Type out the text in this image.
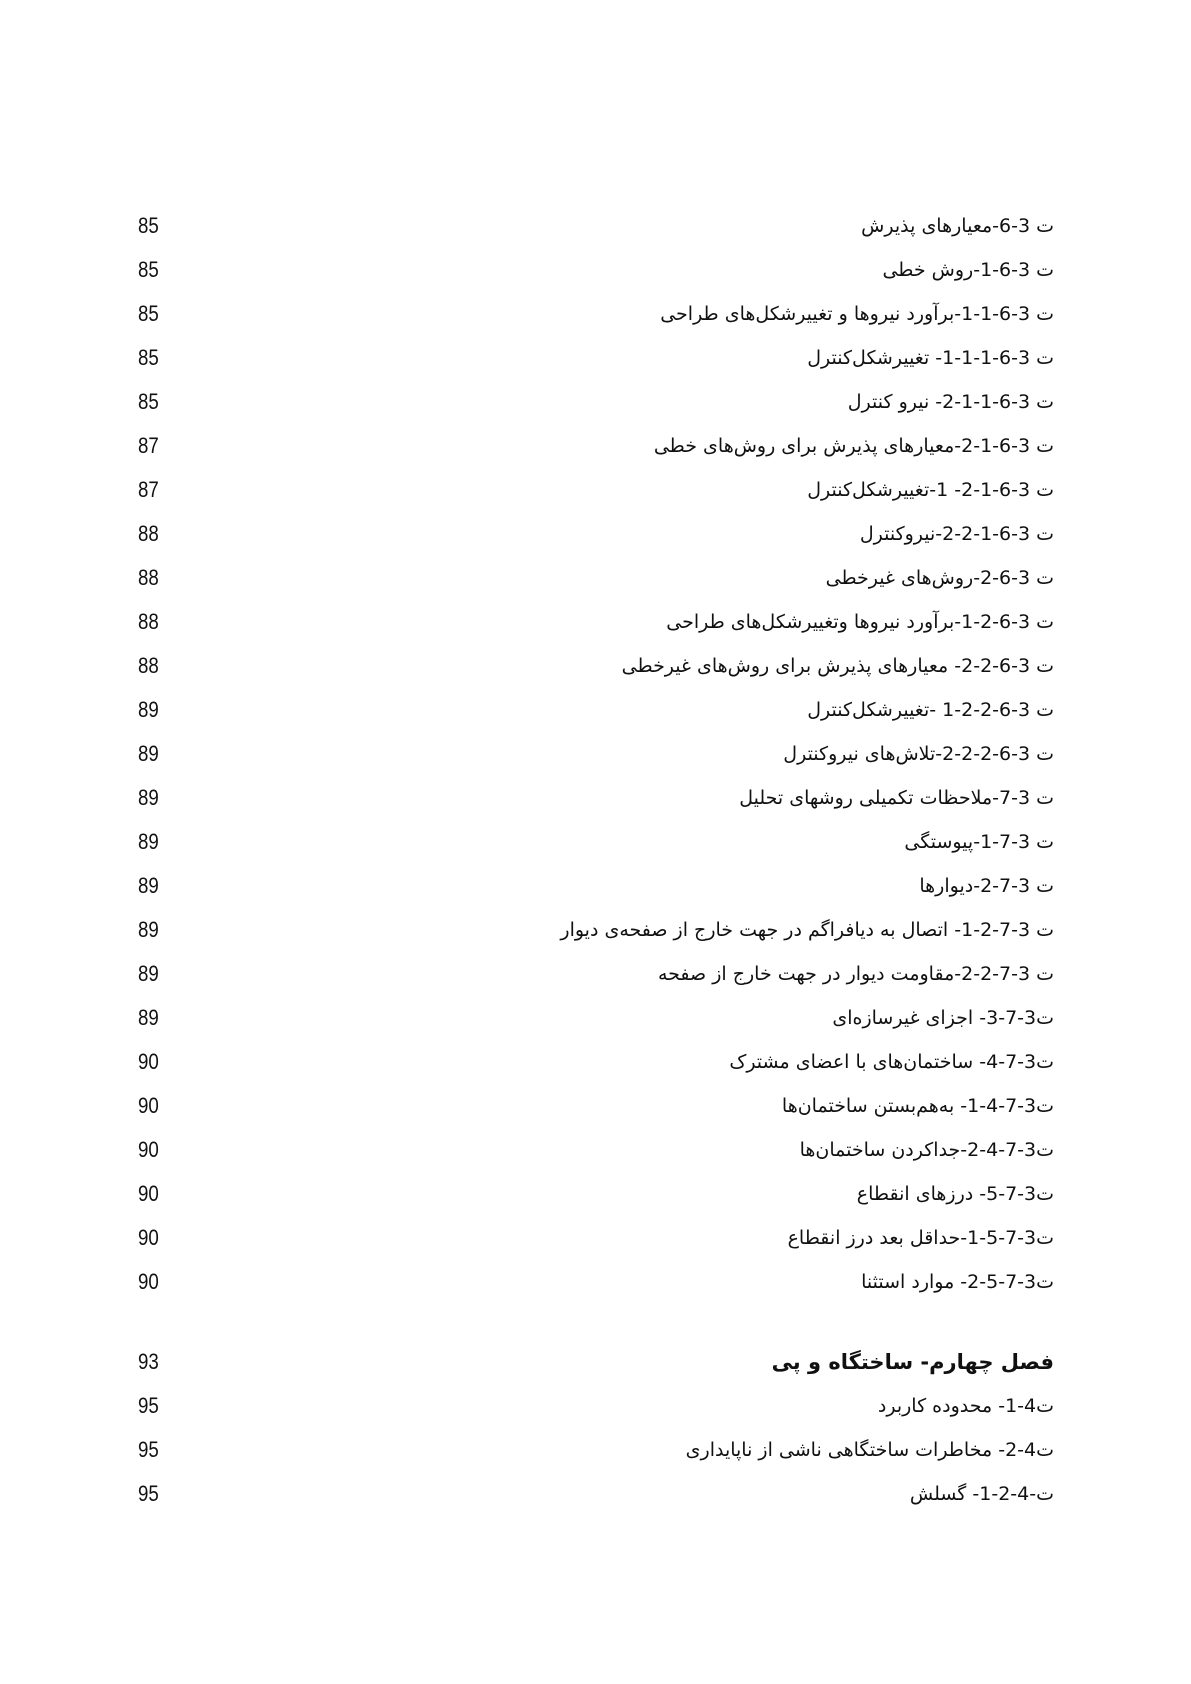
ت 3-6-معیارهای پذیرش
85
ت 3-6-1-روش خطی
85
ت 3-6-1-1-برآورد نیروها و تغییرشکل‌های طراحی
85
ت 3-6-1-1-1- تغییرشکل‌کنترل
85
ت 3-6-1-1-2- نیرو کنترل
85
ت 3-6-1-2-معیارهای پذیرش برای روش‌های خطی
87
ت 3-6-1-2- 1-تغییرشکل‌کنترل
87
ت 3-6-1-2-2-نیروکنترل
88
ت 3-6-2-روش‌های غیرخطی
88
ت 3-6-2-1-برآورد نیروها وتغییرشکل‌های طراحی
88
ت 3-6-2-2- معیارهای پذیرش برای روش‌های غیرخطی
88
ت 3-6-2-2-1 -تغییرشکل‌کنترل
89
ت 3-6-2-2-2-تلاش‌های نیروکنترل
89
ت 3-7-ملاحظات تکمیلی روشهای تحلیل
89
ت 3-7-1-پیوستگی
89
ت 3-7-2-دیوارها
89
ت 3-7-2-1- اتصال به دیافراگم در جهت خارج از صفحه‌ی دیوار
89
ت 3-7-2-2-مقاومت دیوار در جهت خارج از صفحه
89
ت3-7-3- اجزای غیرسازه‌ای
89
ت3-7-4- ساختمان‌های با اعضای مشترک
90
ت3-7-4-1- به‌هم‌بستن ساختمان‌ها
90
ت3-7-4-2-جداکردن ساختمان‌ها
90
ت3-7-5- درزهای انقطاع
90
ت3-7-5-1-حداقل بعد درز انقطاع
90
ت3-7-5-2- موارد استثنا
90
فصل چهارم- ساختگاه و پی
93
ت4-1- محدوده کاربرد
95
ت4-2- مخاطرات ساختگاهی ناشی از ناپایداری
95
ت-4-2-1- گسلش
95
